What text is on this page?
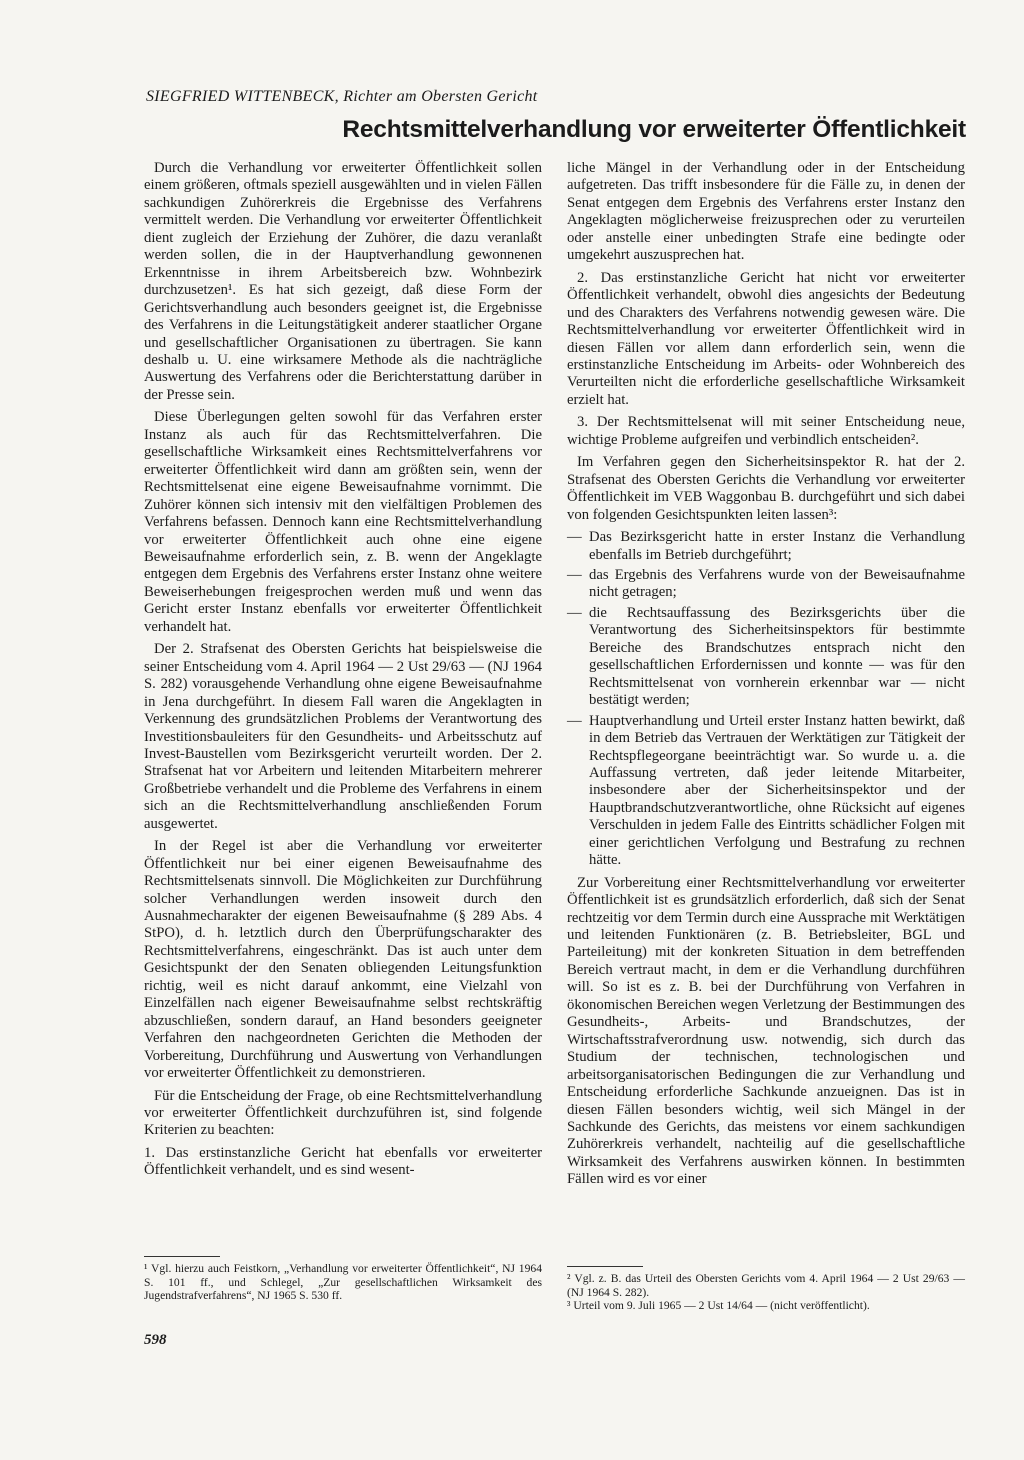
SIEGFRIED WITTENBECK, Richter am Obersten Gericht
Rechtsmittelverhandlung vor erweiterter Öffentlichkeit

Durch die Verhandlung vor erweiterter Öffentlichkeit sollen einem größeren, oftmals speziell ausgewählten und in vielen Fällen sachkundigen Zuhörerkreis die Ergebnisse des Verfahrens vermittelt werden. Die Verhandlung vor erweiterter Öffentlichkeit dient zugleich der Erziehung der Zuhörer, die dazu veranlaßt werden sollen, die in der Hauptverhandlung gewonnenen Erkenntnisse in ihrem Arbeitsbereich bzw. Wohnbezirk durchzusetzen¹. Es hat sich gezeigt, daß diese Form der Gerichtsverhandlung auch besonders geeignet ist, die Ergebnisse des Verfahrens in die Leitungstätigkeit anderer staatlicher Organe und gesellschaftlicher Organisationen zu übertragen. Sie kann deshalb u. U. eine wirksamere Methode als die nachträgliche Auswertung des Verfahrens oder die Berichterstattung darüber in der Presse sein.

Diese Überlegungen gelten sowohl für das Verfahren erster Instanz als auch für das Rechtsmittelverfahren. Die gesellschaftliche Wirksamkeit eines Rechtsmittelverfahrens vor erweiterter Öffentlichkeit wird dann am größten sein, wenn der Rechtsmittelsenat eine eigene Beweisaufnahme vornimmt. Die Zuhörer können sich intensiv mit den vielfältigen Problemen des Verfahrens befassen. Dennoch kann eine Rechtsmittelverhandlung vor erweiterter Öffentlichkeit auch ohne eine eigene Beweisaufnahme erforderlich sein, z. B. wenn der Angeklagte entgegen dem Ergebnis des Verfahrens erster Instanz ohne weitere Beweiserhebungen freigesprochen werden muß und wenn das Gericht erster Instanz ebenfalls vor erweiterter Öffentlichkeit verhandelt hat.

Der 2. Strafsenat des Obersten Gerichts hat beispielsweise die seiner Entscheidung vom 4. April 1964 — 2 Ust 29/63 — (NJ 1964 S. 282) vorausgehende Verhandlung ohne eigene Beweisaufnahme in Jena durchgeführt. In diesem Fall waren die Angeklagten in Verkennung des grundsätzlichen Problems der Verantwortung des Investitionsbauleiters für den Gesundheits- und Arbeitsschutz auf Invest-Baustellen vom Bezirksgericht verurteilt worden. Der 2. Strafsenat hat vor Arbeitern und leitenden Mitarbeitern mehrerer Großbetriebe verhandelt und die Probleme des Verfahrens in einem sich an die Rechtsmittelverhandlung anschließenden Forum ausgewertet.

In der Regel ist aber die Verhandlung vor erweiterter Öffentlichkeit nur bei einer eigenen Beweisaufnahme des Rechtsmittelsenats sinnvoll. Die Möglichkeiten zur Durchführung solcher Verhandlungen werden insoweit durch den Ausnahmecharakter der eigenen Beweisaufnahme (§ 289 Abs. 4 StPO), d. h. letztlich durch den Überprüfungscharakter des Rechtsmittelverfahrens, eingeschränkt. Das ist auch unter dem Gesichtspunkt der den Senaten obliegenden Leitungsfunktion richtig, weil es nicht darauf ankommt, eine Vielzahl von Einzelfällen nach eigener Beweisaufnahme selbst rechtskräftig abzuschließen, sondern darauf, an Hand besonders geeigneter Verfahren den nachgeordneten Gerichten die Methoden der Vorbereitung, Durchführung und Auswertung von Verhandlungen vor erweiterter Öffentlichkeit zu demonstrieren.

Für die Entscheidung der Frage, ob eine Rechtsmittelverhandlung vor erweiterter Öffentlichkeit durchzuführen ist, sind folgende Kriterien zu beachten:

1. Das erstinstanzliche Gericht hat ebenfalls vor erweiterter Öffentlichkeit verhandelt, und es sind wesent-

liche Mängel in der Verhandlung oder in der Entscheidung aufgetreten. Das trifft insbesondere für die Fälle zu, in denen der Senat entgegen dem Ergebnis des Verfahrens erster Instanz den Angeklagten möglicherweise freizusprechen oder zu verurteilen oder anstelle einer unbedingten Strafe eine bedingte oder umgekehrt auszusprechen hat.

2. Das erstinstanzliche Gericht hat nicht vor erweiterter Öffentlichkeit verhandelt, obwohl dies angesichts der Bedeutung und des Charakters des Verfahrens notwendig gewesen wäre. Die Rechtsmittelverhandlung vor erweiterter Öffentlichkeit wird in diesen Fällen vor allem dann erforderlich sein, wenn die erstinstanzliche Entscheidung im Arbeits- oder Wohnbereich des Verurteilten nicht die erforderliche gesellschaftliche Wirksamkeit erzielt hat.

3. Der Rechtsmittelsenat will mit seiner Entscheidung neue, wichtige Probleme aufgreifen und verbindlich entscheiden².

Im Verfahren gegen den Sicherheitsinspektor R. hat der 2. Strafsenat des Obersten Gerichts die Verhandlung vor erweiterter Öffentlichkeit im VEB Waggonbau B. durchgeführt und sich dabei von folgenden Gesichtspunkten leiten lassen³:

— Das Bezirksgericht hatte in erster Instanz die Verhandlung ebenfalls im Betrieb durchgeführt;
— das Ergebnis des Verfahrens wurde von der Beweisaufnahme nicht getragen;
— die Rechtsauffassung des Bezirksgerichts über die Verantwortung des Sicherheitsinspektors für bestimmte Bereiche des Brandschutzes entsprach nicht den gesellschaftlichen Erfordernissen und konnte — was für den Rechtsmittelsenat von vornherein erkennbar war — nicht bestätigt werden;
— Hauptverhandlung und Urteil erster Instanz hatten bewirkt, daß in dem Betrieb das Vertrauen der Werktätigen zur Tätigkeit der Rechtspflegeorgane beeinträchtigt war. So wurde u. a. die Auffassung vertreten, daß jeder leitende Mitarbeiter, insbesondere aber der Sicherheitsinspektor und der Hauptbrandschutzverantwortliche, ohne Rücksicht auf eigenes Verschulden in jedem Falle des Eintritts schädlicher Folgen mit einer gerichtlichen Verfolgung und Bestrafung zu rechnen hätte.

Zur Vorbereitung einer Rechtsmittelverhandlung vor erweiterter Öffentlichkeit ist es grundsätzlich erforderlich, daß sich der Senat rechtzeitig vor dem Termin durch eine Aussprache mit Werktätigen und leitenden Funktionären (z. B. Betriebsleiter, BGL und Parteileitung) mit der konkreten Situation in dem betreffenden Bereich vertraut macht, in dem er die Verhandlung durchführen will. So ist es z. B. bei der Durchführung von Verfahren in ökonomischen Bereichen wegen Verletzung der Bestimmungen des Gesundheits-, Arbeits- und Brandschutzes, der Wirtschaftsstrafverordnung usw. notwendig, sich durch das Studium der technischen, technologischen und arbeitsorganisatorischen Bedingungen die zur Verhandlung und Entscheidung erforderliche Sachkunde anzueignen. Das ist in diesen Fällen besonders wichtig, weil sich Mängel in der Sachkunde des Gerichts, das meistens vor einem sachkundigen Zuhörerkreis verhandelt, nachteilig auf die gesellschaftliche Wirksamkeit des Verfahrens auswirken können. In bestimmten Fällen wird es vor einer

¹ Vgl. hierzu auch Feistkorn, „Verhandlung vor erweiterter Öffentlichkeit“, NJ 1964 S. 101 ff., und Schlegel, „Zur gesellschaftlichen Wirksamkeit des Jugendstrafverfahrens“, NJ 1965 S. 530 ff.

² Vgl. z. B. das Urteil des Obersten Gerichts vom 4. April 1964 — 2 Ust 29/63 — (NJ 1964 S. 282).

³ Urteil vom 9. Juli 1965 — 2 Ust 14/64 — (nicht veröffentlicht).

598
